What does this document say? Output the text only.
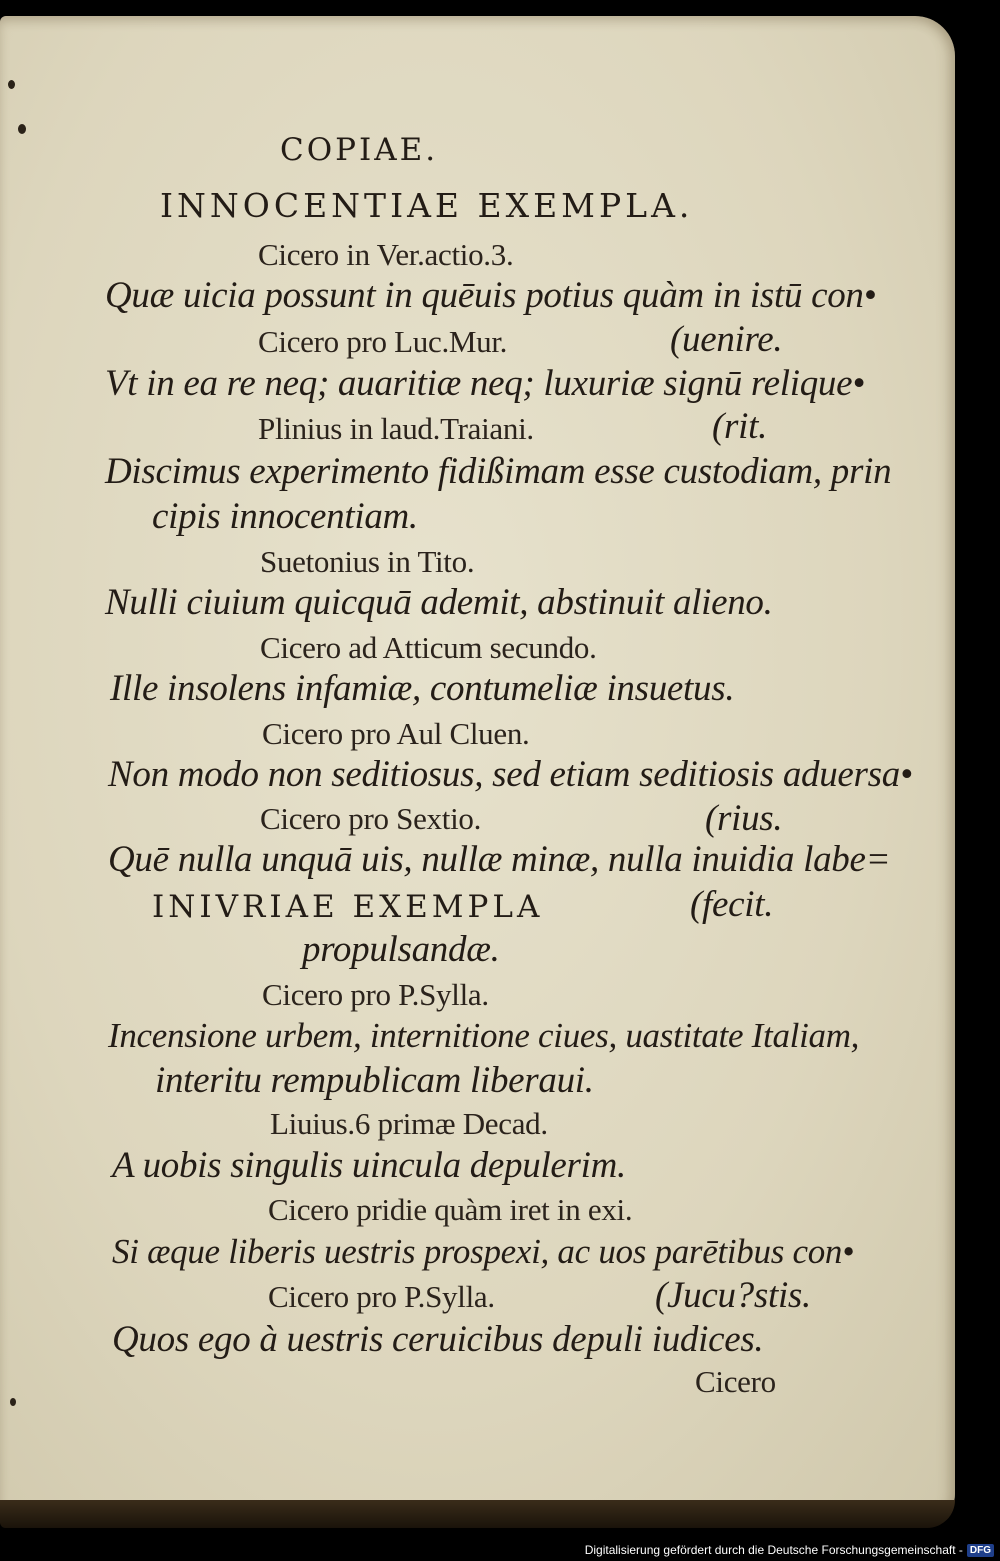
COPIAE.
INNOCENTIAE EXEMPLA.
Cicero in Ver.actio.3.
Quæ uicia possunt in quēuis potius quàm in istū con•
Cicero pro Luc.Mur.	(uenire.
Vt in ea re neq; auaritiæ neq; luxuriæ signū relique•
Plinius in laud.Traiani.	(rit.
Discimus experimento fidißimam esse custodiam, prin
cipis innocentiam.
Suetonius in Tito.
Nulli ciuium quicquā ademit, abstinuit alieno.
Cicero ad Atticum secundo.
Ille insolens infamiæ, contumeliæ insuetus.
Cicero pro Aul Cluen.
Non modo non seditiosus, sed etiam seditiosis aduersa•
Cicero pro Sextio.	(rius.
Quē nulla unquā uis, nullæ minæ, nulla inuidia labe=
INIVRIAE EXEMPLA	(fecit.
propulsandæ.
Cicero pro P.Sylla.
Incensione urbem, internitione ciues, uastitate Italiam,
interitu rempublicam liberaui.
Liuius.6 primæ Decad.
A uobis singulis uincula depulerim.
Cicero pridie quàm iret in exi.
Si æque liberis uestris prospexi, ac uos parētibus con•
Cicero pro P.Sylla.	(Jucu?stis.
Quos ego à uestris ceruicibus depuli iudices.
Cicero
Digitalisierung gefördert durch die Deutsche Forschungsgemeinschaft - DFG
